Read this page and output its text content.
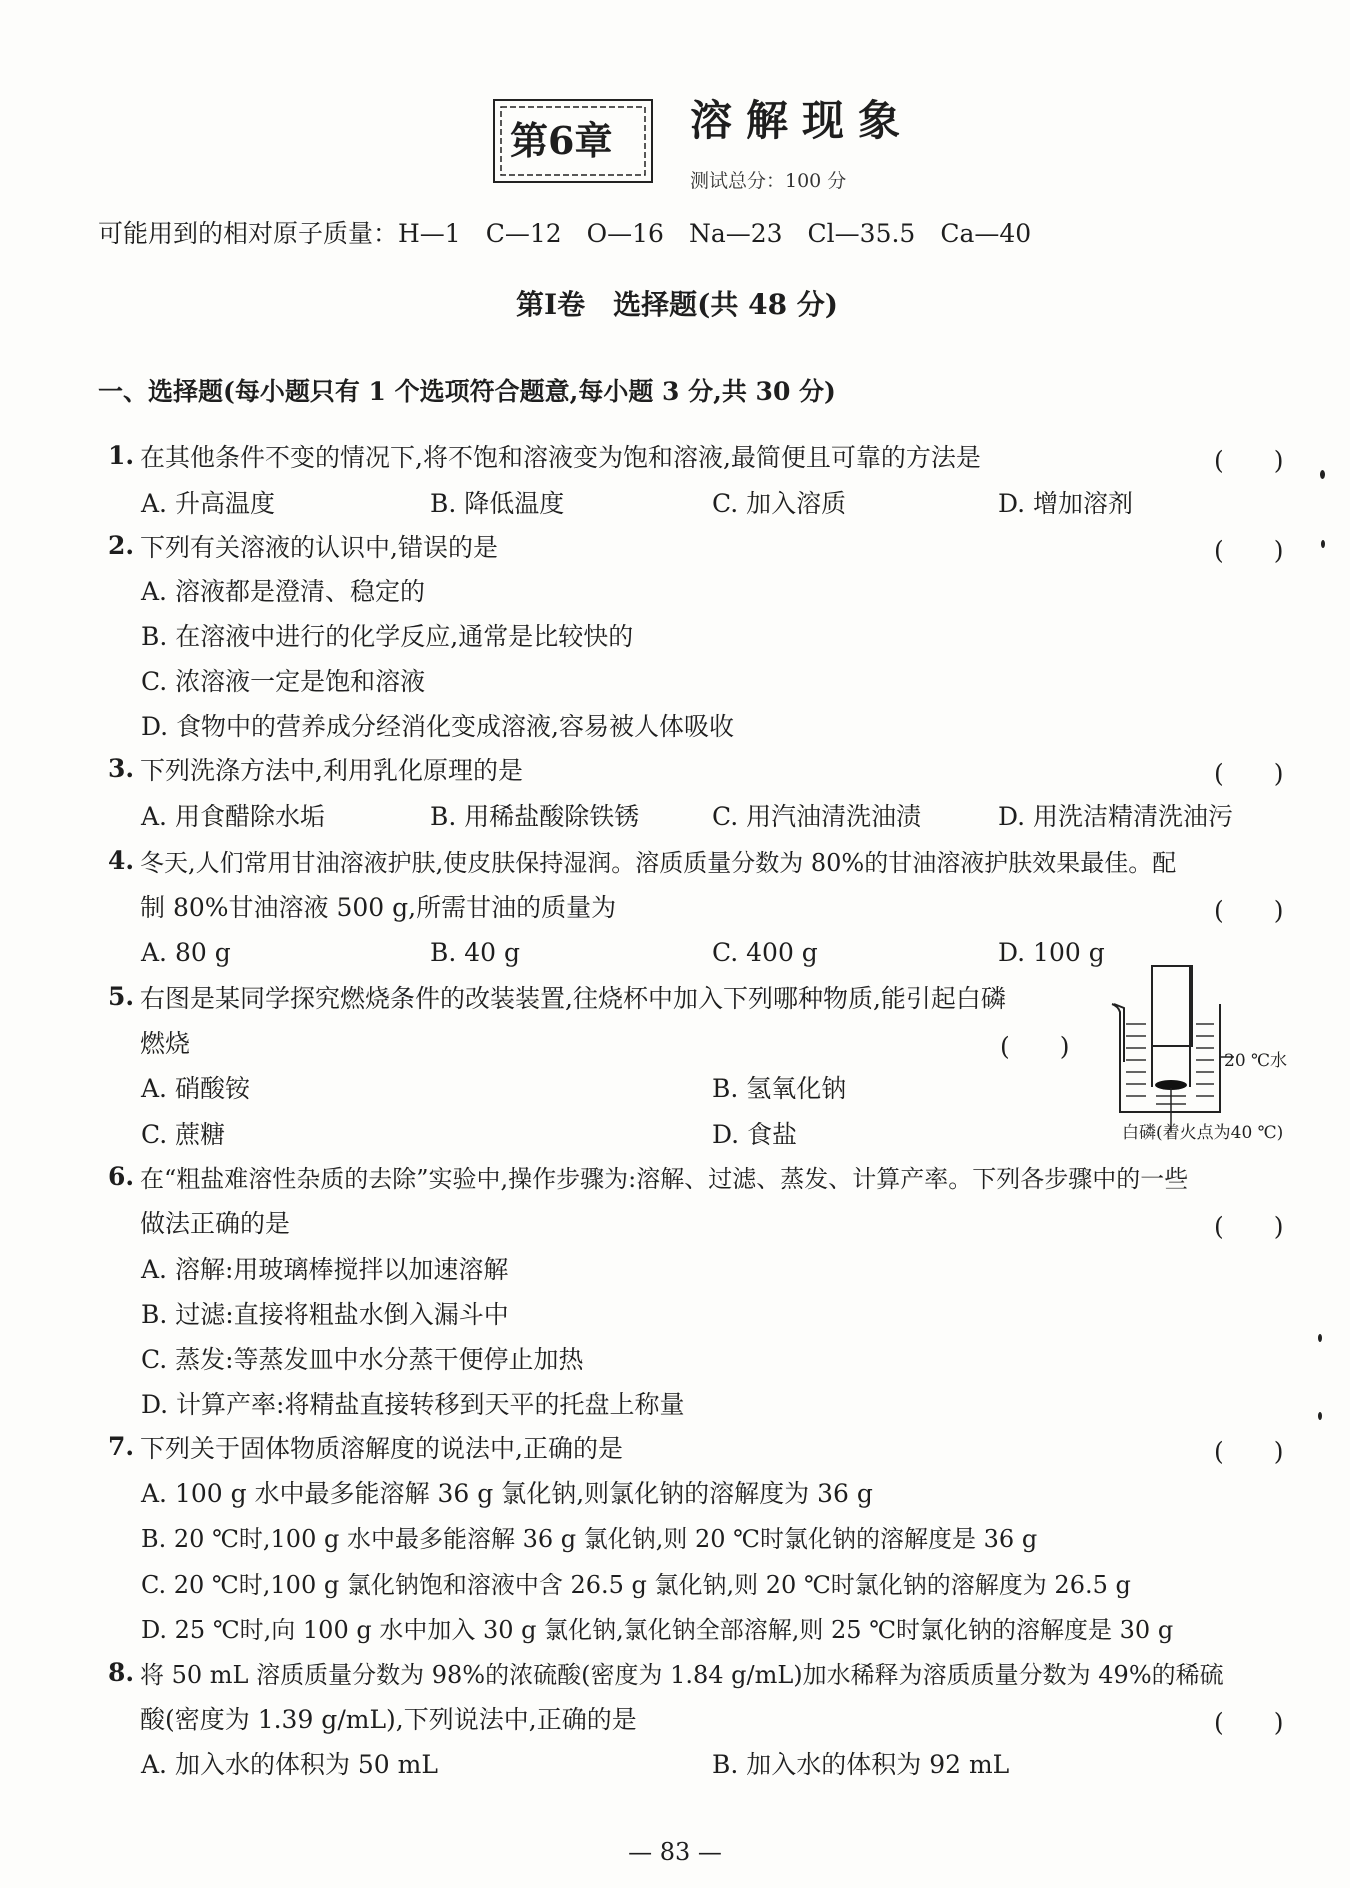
第6章 溶解现象
测试总分：100 分
可能用到的相对原子质量：H—1　C—12　O—16　Na—23　Cl—35.5　Ca—40
第Ⅰ卷　选择题(共 48 分)
一、选择题(每小题只有 1 个选项符合题意,每小题 3 分,共 30 分)
1. 在其他条件不变的情况下,将不饱和溶液变为饱和溶液,最简便且可靠的方法是	(　　)
A. 升高温度	B. 降低温度	C. 加入溶质	D. 增加溶剂
2. 下列有关溶液的认识中,错误的是	(　　)
A. 溶液都是澄清、稳定的
B. 在溶液中进行的化学反应,通常是比较快的
C. 浓溶液一定是饱和溶液
D. 食物中的营养成分经消化变成溶液,容易被人体吸收
3. 下列洗涤方法中,利用乳化原理的是	(　　)
A. 用食醋除水垢	B. 用稀盐酸除铁锈	C. 用汽油清洗油渍	D. 用洗洁精清洗油污
4. 冬天,人们常用甘油溶液护肤,使皮肤保持湿润。溶质质量分数为 80%的甘油溶液护肤效果最佳。配
制 80%甘油溶液 500 g,所需甘油的质量为	(　　)
A. 80 g	B. 40 g	C. 400 g	D. 100 g
5. 右图是某同学探究燃烧条件的改装装置,往烧杯中加入下列哪种物质,能引起白磷
燃烧	(　　)
A. 硝酸铵	B. 氢氧化钠
C. 蔗糖	D. 食盐
20 ℃水
白磷(着火点为40 ℃)
6. 在“粗盐难溶性杂质的去除”实验中,操作步骤为:溶解、过滤、蒸发、计算产率。下列各步骤中的一些
做法正确的是	(　　)
A. 溶解:用玻璃棒搅拌以加速溶解
B. 过滤:直接将粗盐水倒入漏斗中
C. 蒸发:等蒸发皿中水分蒸干便停止加热
D. 计算产率:将精盐直接转移到天平的托盘上称量
7. 下列关于固体物质溶解度的说法中,正确的是	(　　)
A. 100 g 水中最多能溶解 36 g 氯化钠,则氯化钠的溶解度为 36 g
B. 20 ℃时,100 g 水中最多能溶解 36 g 氯化钠,则 20 ℃时氯化钠的溶解度是 36 g
C. 20 ℃时,100 g 氯化钠饱和溶液中含 26.5 g 氯化钠,则 20 ℃时氯化钠的溶解度为 26.5 g
D. 25 ℃时,向 100 g 水中加入 30 g 氯化钠,氯化钠全部溶解,则 25 ℃时氯化钠的溶解度是 30 g
8. 将 50 mL 溶质质量分数为 98%的浓硫酸(密度为 1.84 g/mL)加水稀释为溶质质量分数为 49%的稀硫
酸(密度为 1.39 g/mL),下列说法中,正确的是	(　　)
A. 加入水的体积为 50 mL	B. 加入水的体积为 92 mL
— 83 —
